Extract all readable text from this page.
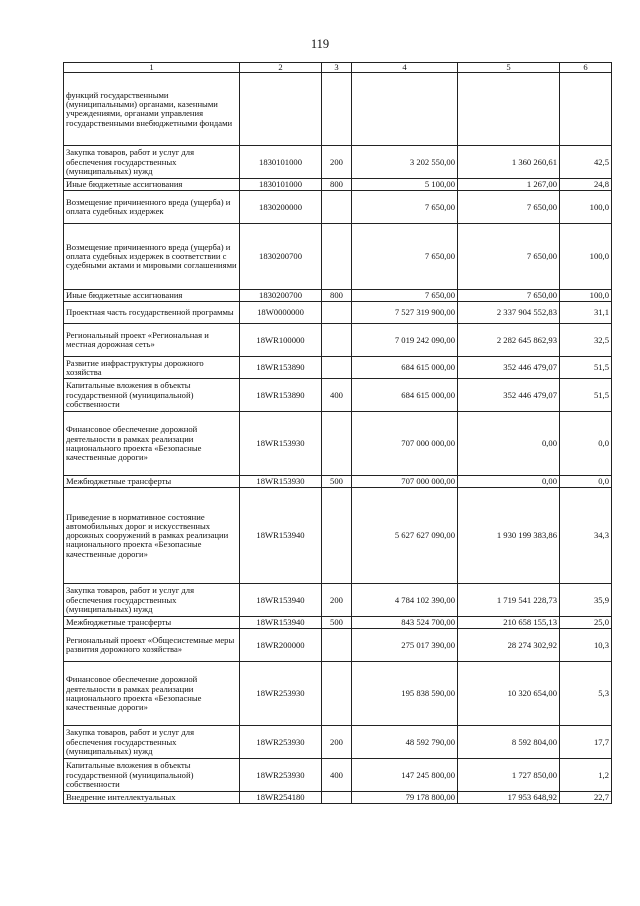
119
1	2	3	4	5	6
функций государственными (муниципальными) органами, казенными учреждениями, органами управления государственными внебюджетными фондами					
Закупка товаров, работ и услуг для обеспечения государственных (муниципальных) нужд	1830101000	200	3 202 550,00	1 360 260,61	42,5
Иные бюджетные ассигнования	1830101000	800	5 100,00	1 267,00	24,8
Возмещение причиненного вреда (ущерба) и оплата судебных издержек	1830200000		7 650,00	7 650,00	100,0
Возмещение причиненного вреда (ущерба) и оплата судебных издержек в соответствии с судебными актами и мировыми соглашениями	1830200700		7 650,00	7 650,00	100,0
Иные бюджетные ассигнования	1830200700	800	7 650,00	7 650,00	100,0
Проектная часть государственной программы	18W0000000		7 527 319 900,00	2 337 904 552,83	31,1
Региональный проект «Региональная и местная дорожная сеть»	18WR100000		7 019 242 090,00	2 282 645 862,93	32,5
Развитие инфраструктуры дорожного хозяйства	18WR153890		684 615 000,00	352 446 479,07	51,5
Капитальные вложения в объекты государственной (муниципальной) собственности	18WR153890	400	684 615 000,00	352 446 479,07	51,5
Финансовое обеспечение дорожной деятельности в рамках реализации национального проекта «Безопасные качественные дороги»	18WR153930		707 000 000,00	0,00	0,0
Межбюджетные трансферты	18WR153930	500	707 000 000,00	0,00	0,0
Приведение в нормативное состояние автомобильных дорог и искусственных дорожных сооружений в рамках реализации национального проекта «Безопасные качественные дороги»	18WR153940		5 627 627 090,00	1 930 199 383,86	34,3
Закупка товаров, работ и услуг для обеспечения государственных (муниципальных) нужд	18WR153940	200	4 784 102 390,00	1 719 541 228,73	35,9
Межбюджетные трансферты	18WR153940	500	843 524 700,00	210 658 155,13	25,0
Региональный проект «Общесистемные меры развития дорожного хозяйства»	18WR200000		275 017 390,00	28 274 302,92	10,3
Финансовое обеспечение дорожной деятельности в рамках реализации национального проекта «Безопасные качественные дороги»	18WR253930		195 838 590,00	10 320 654,00	5,3
Закупка товаров, работ и услуг для обеспечения государственных (муниципальных) нужд	18WR253930	200	48 592 790,00	8 592 804,00	17,7
Капитальные вложения в объекты государственной (муниципальной) собственности	18WR253930	400	147 245 800,00	1 727 850,00	1,2
Внедрение интеллектуальных	18WR254180		79 178 800,00	17 953 648,92	22,7
